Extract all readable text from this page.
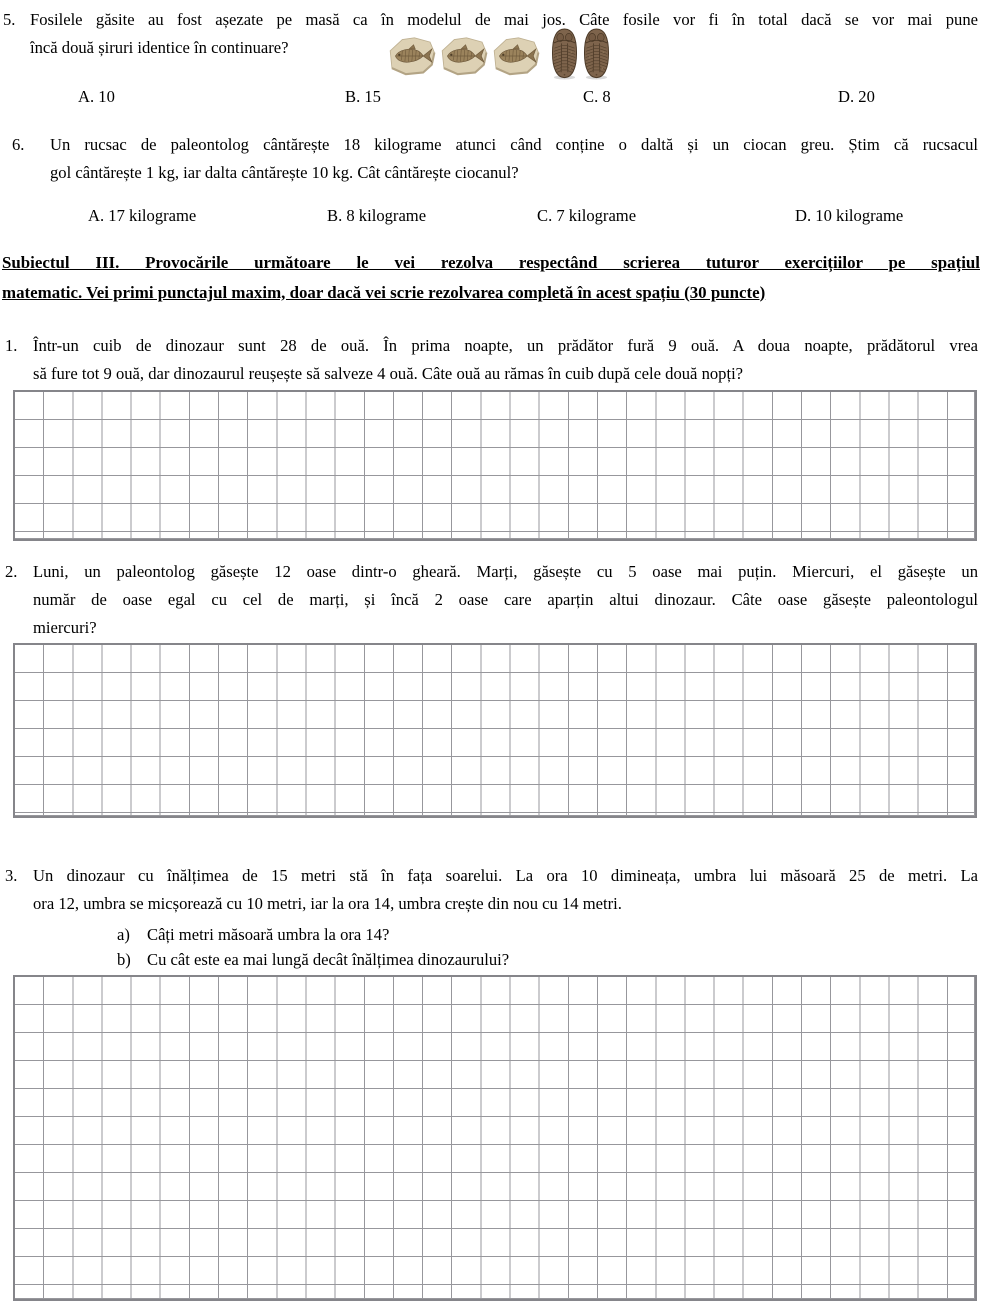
5. Fosilele găsite au fost așezate pe masă ca în modelul de mai jos. Câte fosile vor fi în total dacă se vor mai pune
încă două șiruri identice în continuare?
A. 10	B. 15	C. 8	D. 20
6. Un rucsac de paleontolog cântărește 18 kilograme atunci când conține o daltă și un ciocan greu. Știm că rucsacul
gol cântărește 1 kg, iar dalta cântărește 10 kg. Cât cântărește ciocanul?
A. 17 kilograme	B. 8 kilograme	C. 7 kilograme	D. 10 kilograme
Subiectul III. Provocările următoare le vei rezolva respectând scrierea tuturor exercițiilor pe spațiul
matematic. Vei primi punctajul maxim, doar dacă vei scrie rezolvarea completă în acest spațiu (30 puncte)
1. Într-un cuib de dinozaur sunt 28 de ouă. În prima noapte, un prădător fură 9 ouă. A doua noapte, prădătorul vrea
să fure tot 9 ouă, dar dinozaurul reușește să salveze 4 ouă. Câte ouă au rămas în cuib după cele două nopți?
2. Luni, un paleontolog găsește 12 oase dintr-o gheară. Marți, găsește cu 5 oase mai puțin. Miercuri, el găsește un
număr de oase egal cu cel de marți, și încă 2 oase care aparțin altui dinozaur. Câte oase găsește paleontologul
miercuri?
3. Un dinozaur cu înălțimea de 15 metri stă în fața soarelui. La ora 10 dimineața, umbra lui măsoară 25 de metri. La
ora 12, umbra se micșorează cu 10 metri, iar la ora 14, umbra crește din nou cu 14 metri.
a) Câți metri măsoară umbra la ora 14?
b) Cu cât este ea mai lungă decât înălțimea dinozaurului?
